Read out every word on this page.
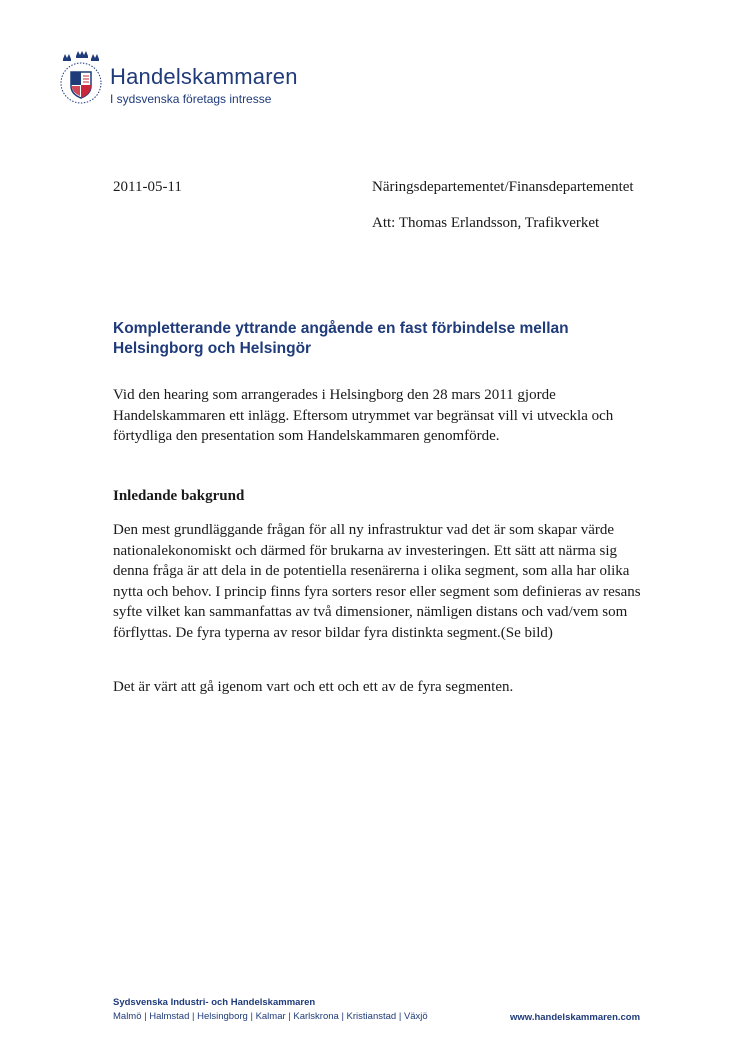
Handelskammaren
I sydsvenska företags intresse
2011-05-11	Näringsdepartementet/Finansdepartementet
Att: Thomas Erlandsson, Trafikverket
Kompletterande yttrande angående en fast förbindelse mellan Helsingborg och Helsingör

Vid den hearing som arrangerades i Helsingborg den 28 mars 2011 gjorde Handelskammaren ett inlägg. Eftersom utrymmet var begränsat vill vi utveckla och förtydliga den presentation som Handelskammaren genomförde.

Inledande bakgrund

Den mest grundläggande frågan för all ny infrastruktur vad det är som skapar värde nationalekonomiskt och därmed för brukarna av investeringen. Ett sätt att närma sig denna fråga är att dela in de potentiella resenärerna i olika segment, som alla har olika nytta och behov. I princip finns fyra sorters resor eller segment som definieras av resans syfte vilket kan sammanfattas av två dimensioner, nämligen distans och vad/vem som förflyttas. De fyra typerna av resor bildar fyra distinkta segment.(Se bild)

Det är värt att gå igenom vart och ett och ett av de fyra segmenten.

Sydsvenska Industri- och Handelskammaren
Malmö | Halmstad | Helsingborg | Kalmar | Karlskrona | Kristianstad | Växjö	www.handelskammaren.com
